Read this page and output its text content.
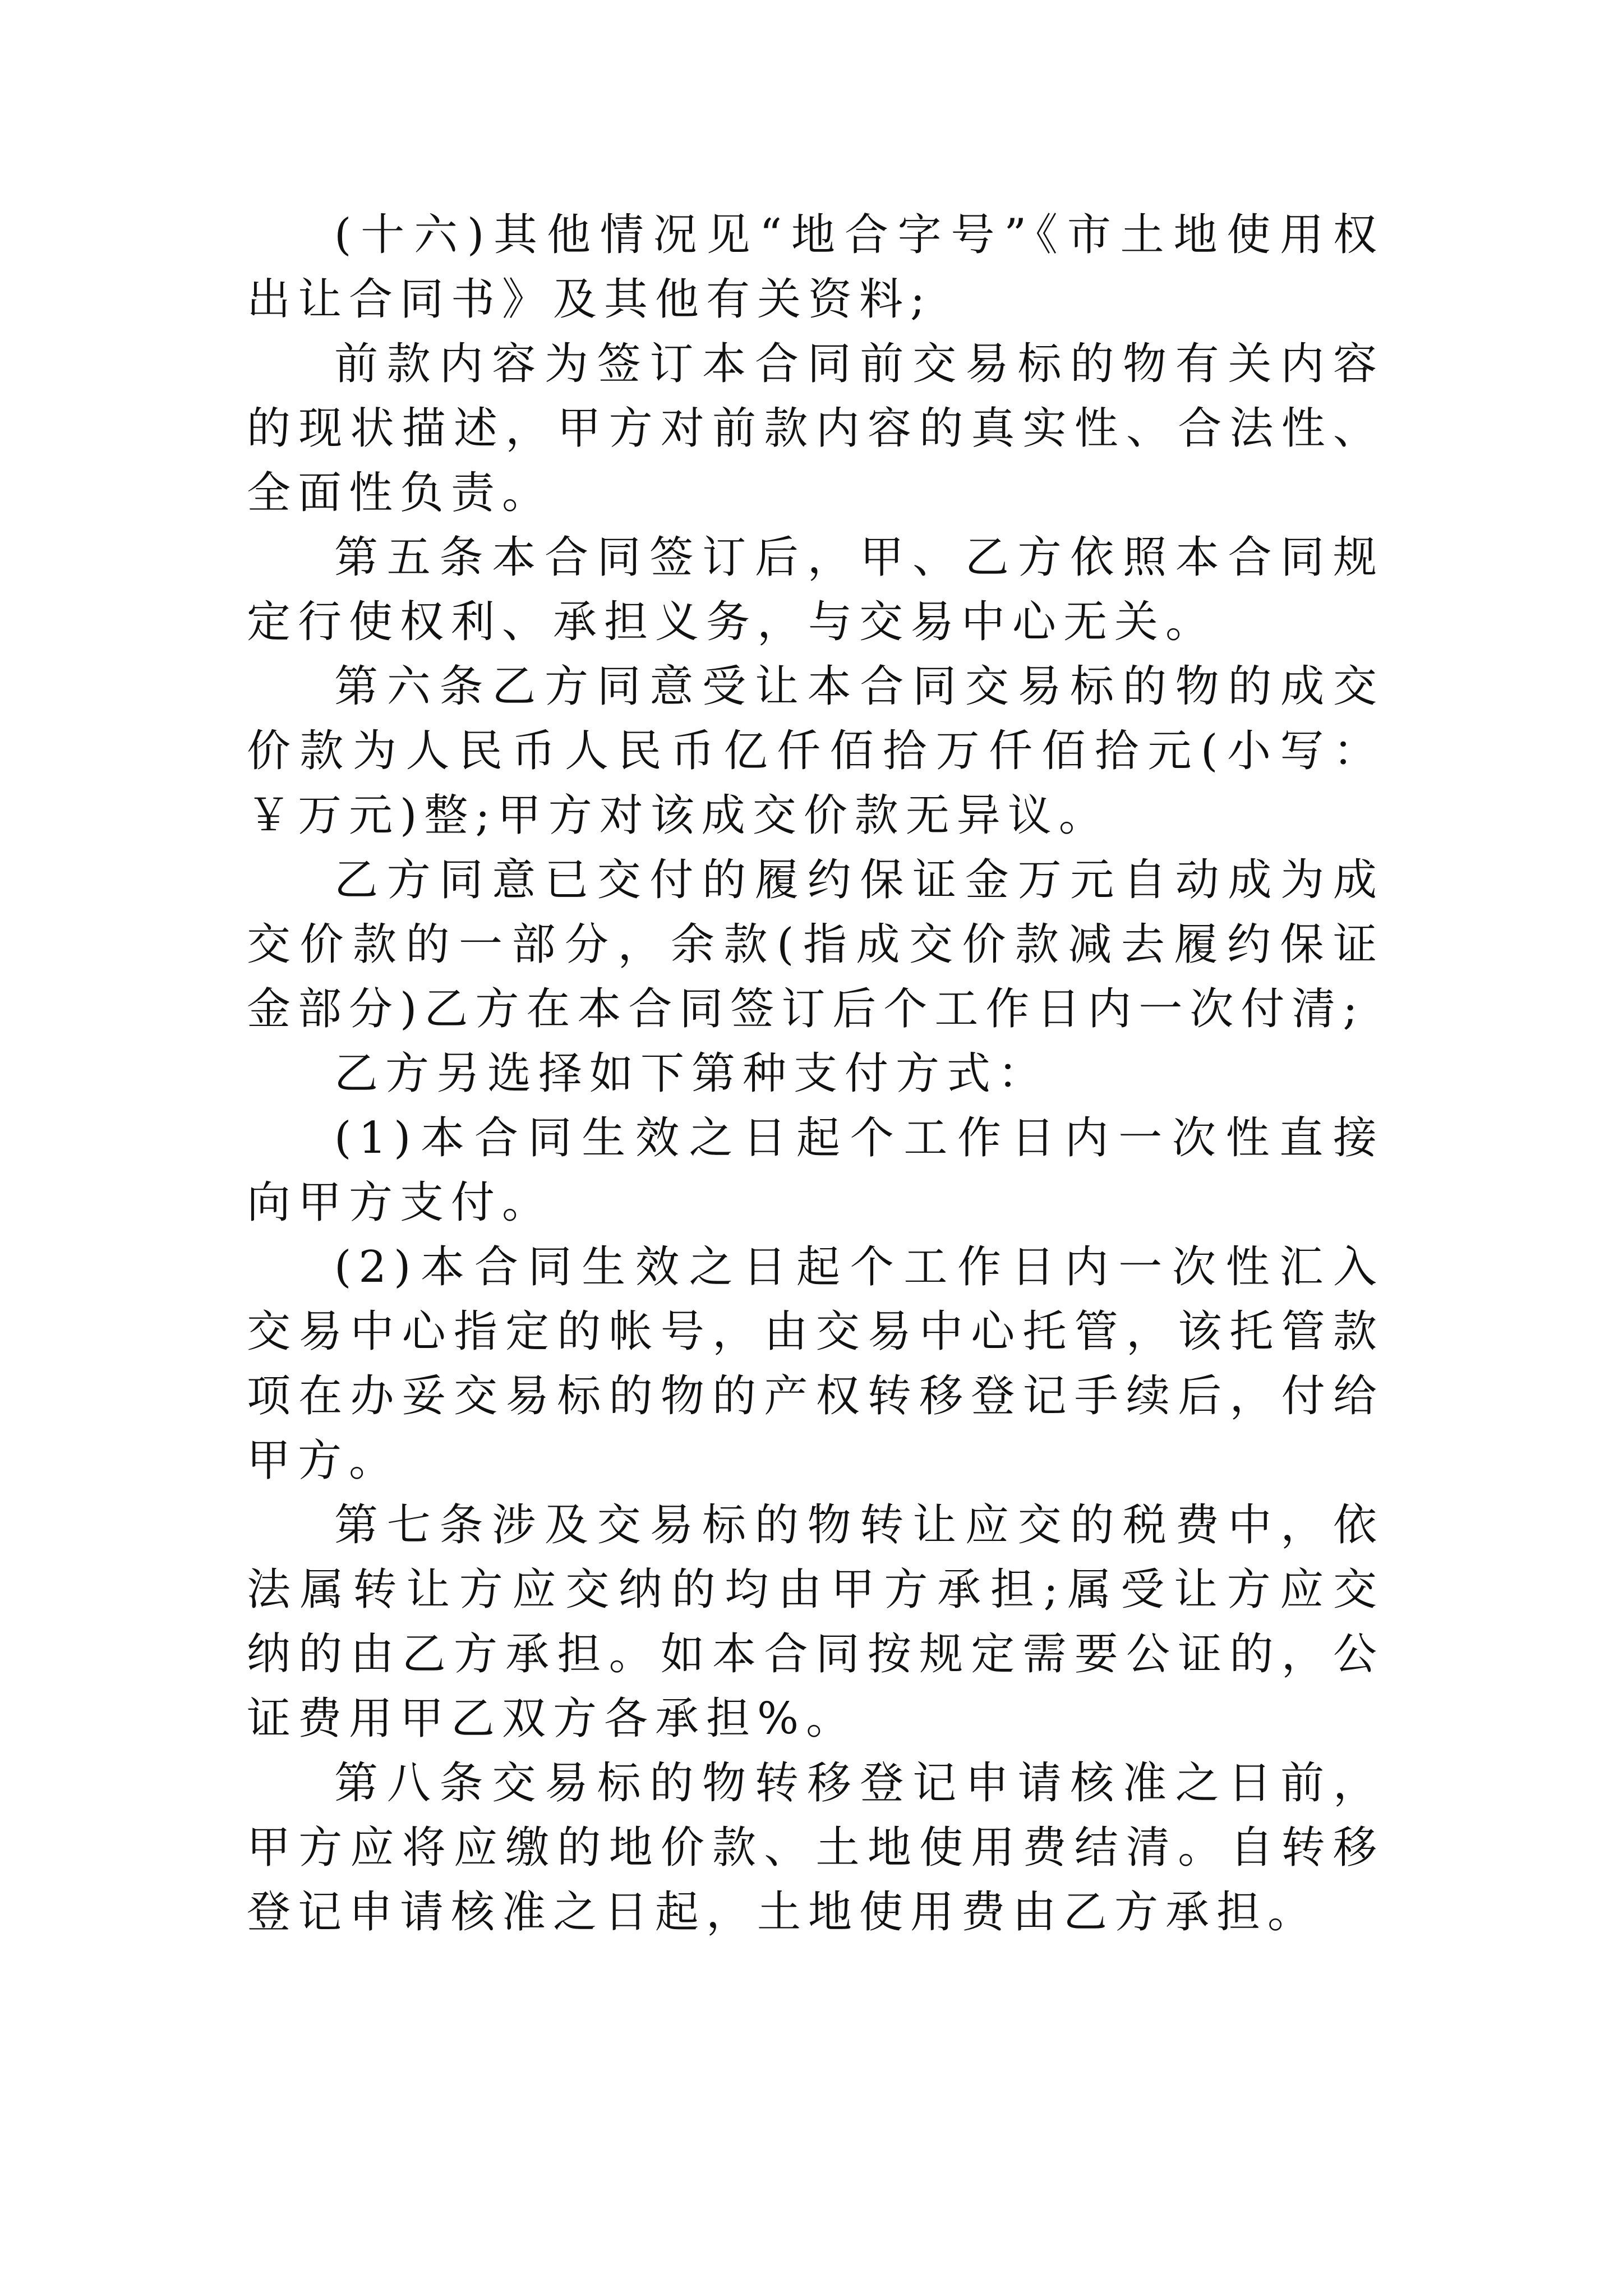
(十六)其他情况见“地合字号”《市土地使用权出让合同书》及其他有关资料;

前款内容为签订本合同前交易标的物有关内容的现状描述，甲方对前款内容的真实性、合法性、全面性负责。

第五条本合同签订后，甲、乙方依照本合同规定行使权利、承担义务，与交易中心无关。

第六条乙方同意受让本合同交易标的物的成交价款为人民币人民币亿仟佰拾万仟佰拾元(小写：￥万元)整;甲方对该成交价款无异议。

乙方同意已交付的履约保证金万元自动成为成交价款的一部分，余款(指成交价款减去履约保证金部分)乙方在本合同签订后个工作日内一次付清;

乙方另选择如下第种支付方式：

(1)本合同生效之日起个工作日内一次性直接向甲方支付。

(2)本合同生效之日起个工作日内一次性汇入交易中心指定的帐号，由交易中心托管，该托管款项在办妥交易标的物的产权转移登记手续后，付给甲方。

第七条涉及交易标的物转让应交的税费中，依法属转让方应交纳的均由甲方承担;属受让方应交纳的由乙方承担。如本合同按规定需要公证的，公证费用甲乙双方各承担%。

第八条交易标的物转移登记申请核准之日前，甲方应将应缴的地价款、土地使用费结清。自转移登记申请核准之日起，土地使用费由乙方承担。
